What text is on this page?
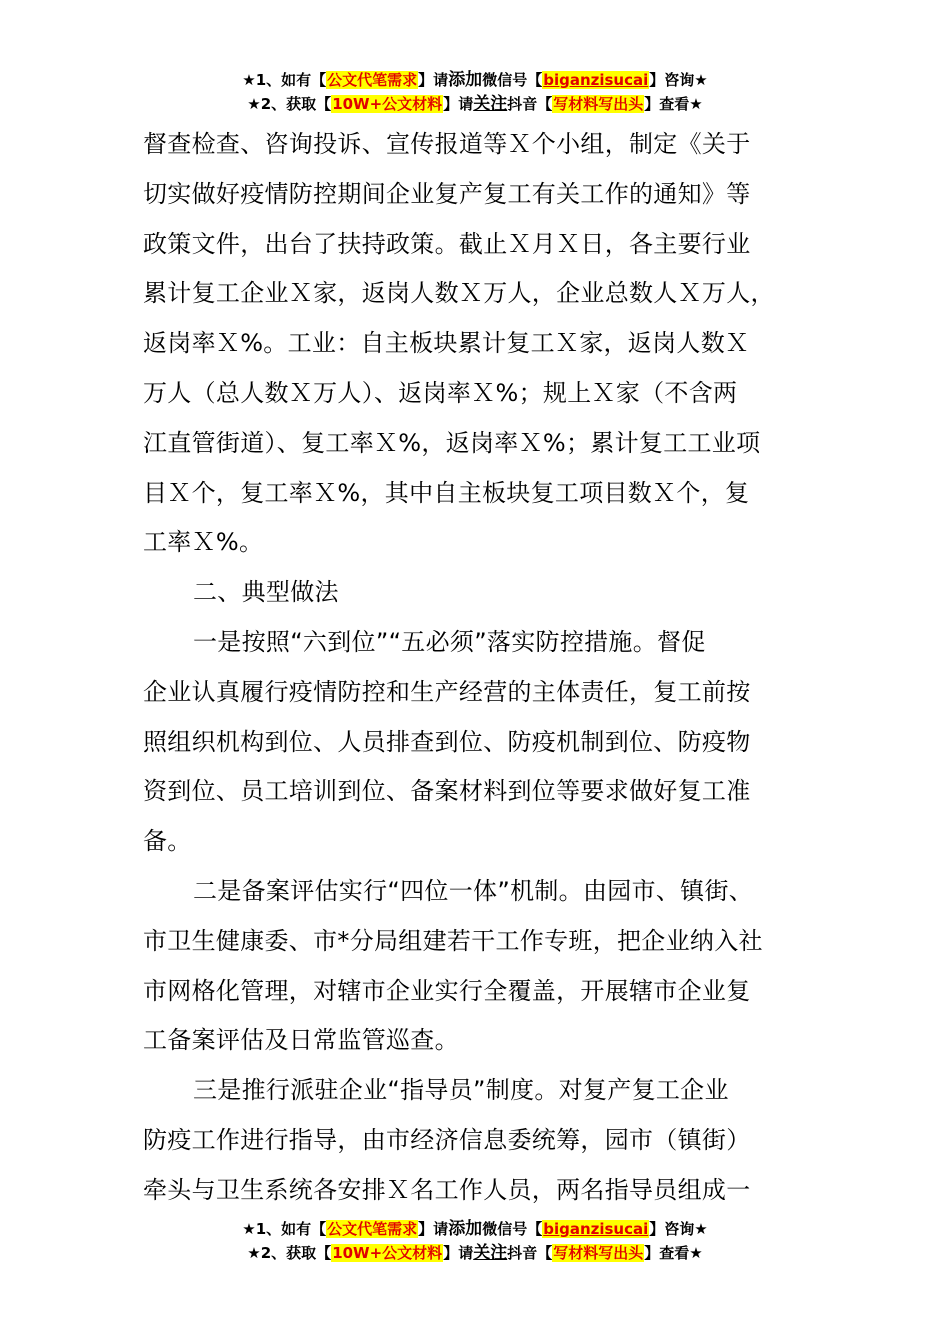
★1、如有【公文代笔需求】请添加微信号【biganzisucai】咨询★
★2、获取【10W+公文材料】请关注抖音【写材料写出头】查看★
督查检查、咨询投诉、宣传报道等Ｘ个小组，制定《关于
切实做好疫情防控期间企业复产复工有关工作的通知》等
政策文件，出台了扶持政策。截止Ｘ月Ｘ日，各主要行业
累计复工企业Ｘ家，返岗人数Ｘ万人，企业总数人Ｘ万人，
返岗率Ｘ%。工业：自主板块累计复工Ｘ家，返岗人数Ｘ
万人（总人数Ｘ万人）、返岗率Ｘ%；规上Ｘ家（不含两
江直管街道）、复工率Ｘ%，返岗率Ｘ%；累计复工工业项
目Ｘ个，复工率Ｘ%，其中自主板块复工项目数Ｘ个，复
工率Ｘ%。
二、典型做法
一是按照“六到位”“五必须”落实防控措施。督促
企业认真履行疫情防控和生产经营的主体责任，复工前按
照组织机构到位、人员排查到位、防疫机制到位、防疫物
资到位、员工培训到位、备案材料到位等要求做好复工准
备。
二是备案评估实行“四位一体”机制。由园市、镇街、
市卫生健康委、市*分局组建若干工作专班，把企业纳入社
市网格化管理，对辖市企业实行全覆盖，开展辖市企业复
工备案评估及日常监管巡查。
三是推行派驻企业“指导员”制度。对复产复工企业
防疫工作进行指导，由市经济信息委统筹，园市（镇街）
牵头与卫生系统各安排Ｘ名工作人员，两名指导员组成一
★1、如有【公文代笔需求】请添加微信号【biganzisucai】咨询★
★2、获取【10W+公文材料】请关注抖音【写材料写出头】查看★
